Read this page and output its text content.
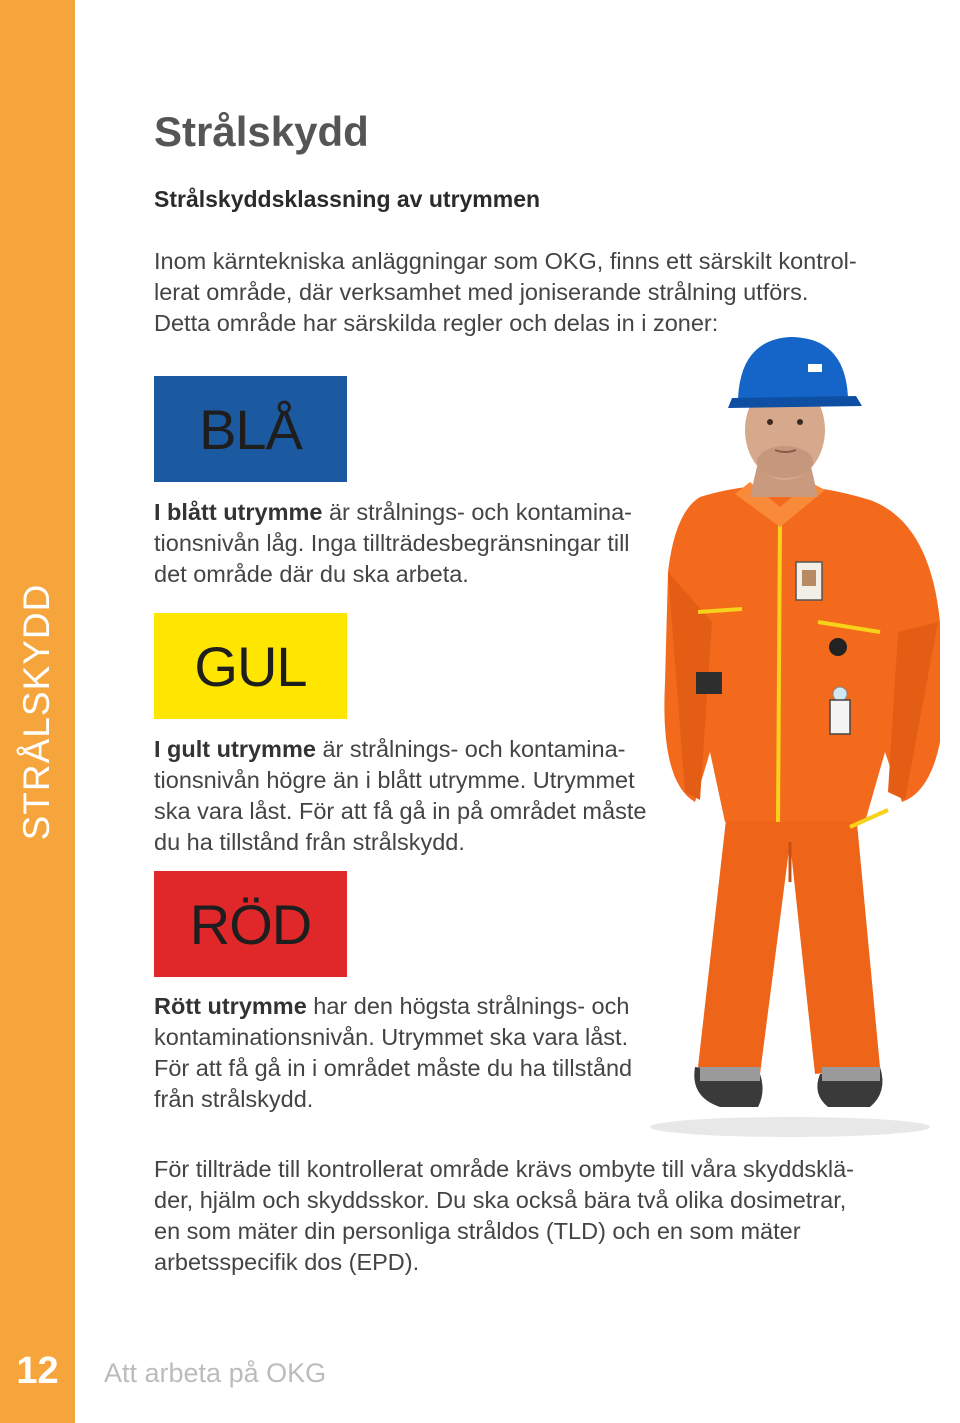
STRÅLSKYDD
12	Att arbeta på OKG
Strålskydd
Strålskyddsklassning av utrymmen

Inom kärntekniska anläggningar som OKG, finns ett särskilt kontrol-
lerat område, där verksamhet med joniserande strålning utförs.
Detta område har särskilda regler och delas in i zoner:

BLÅ

I blått utrymme är strålnings- och kontamina-
tionsnivån låg. Inga tillträdesbegränsningar till
det område där du ska arbeta.

GUL

I gult utrymme är strålnings- och kontamina-
tionsnivån högre än i blått utrymme. Utrymmet
ska vara låst. För att få gå in på området måste
du ha tillstånd från strålskydd.

RÖD

Rött utrymme har den högsta strålnings- och
kontaminationsnivån. Utrymmet ska vara låst.
För att få gå in i området måste du ha tillstånd
från strålskydd.

För tillträde till kontrollerat område krävs ombyte till våra skyddsklä-
der, hjälm och skyddsskor. Du ska också bära två olika dosimetrar,
en som mäter din personliga stråldos (TLD) och en som mäter
arbetsspecifik dos (EPD).
